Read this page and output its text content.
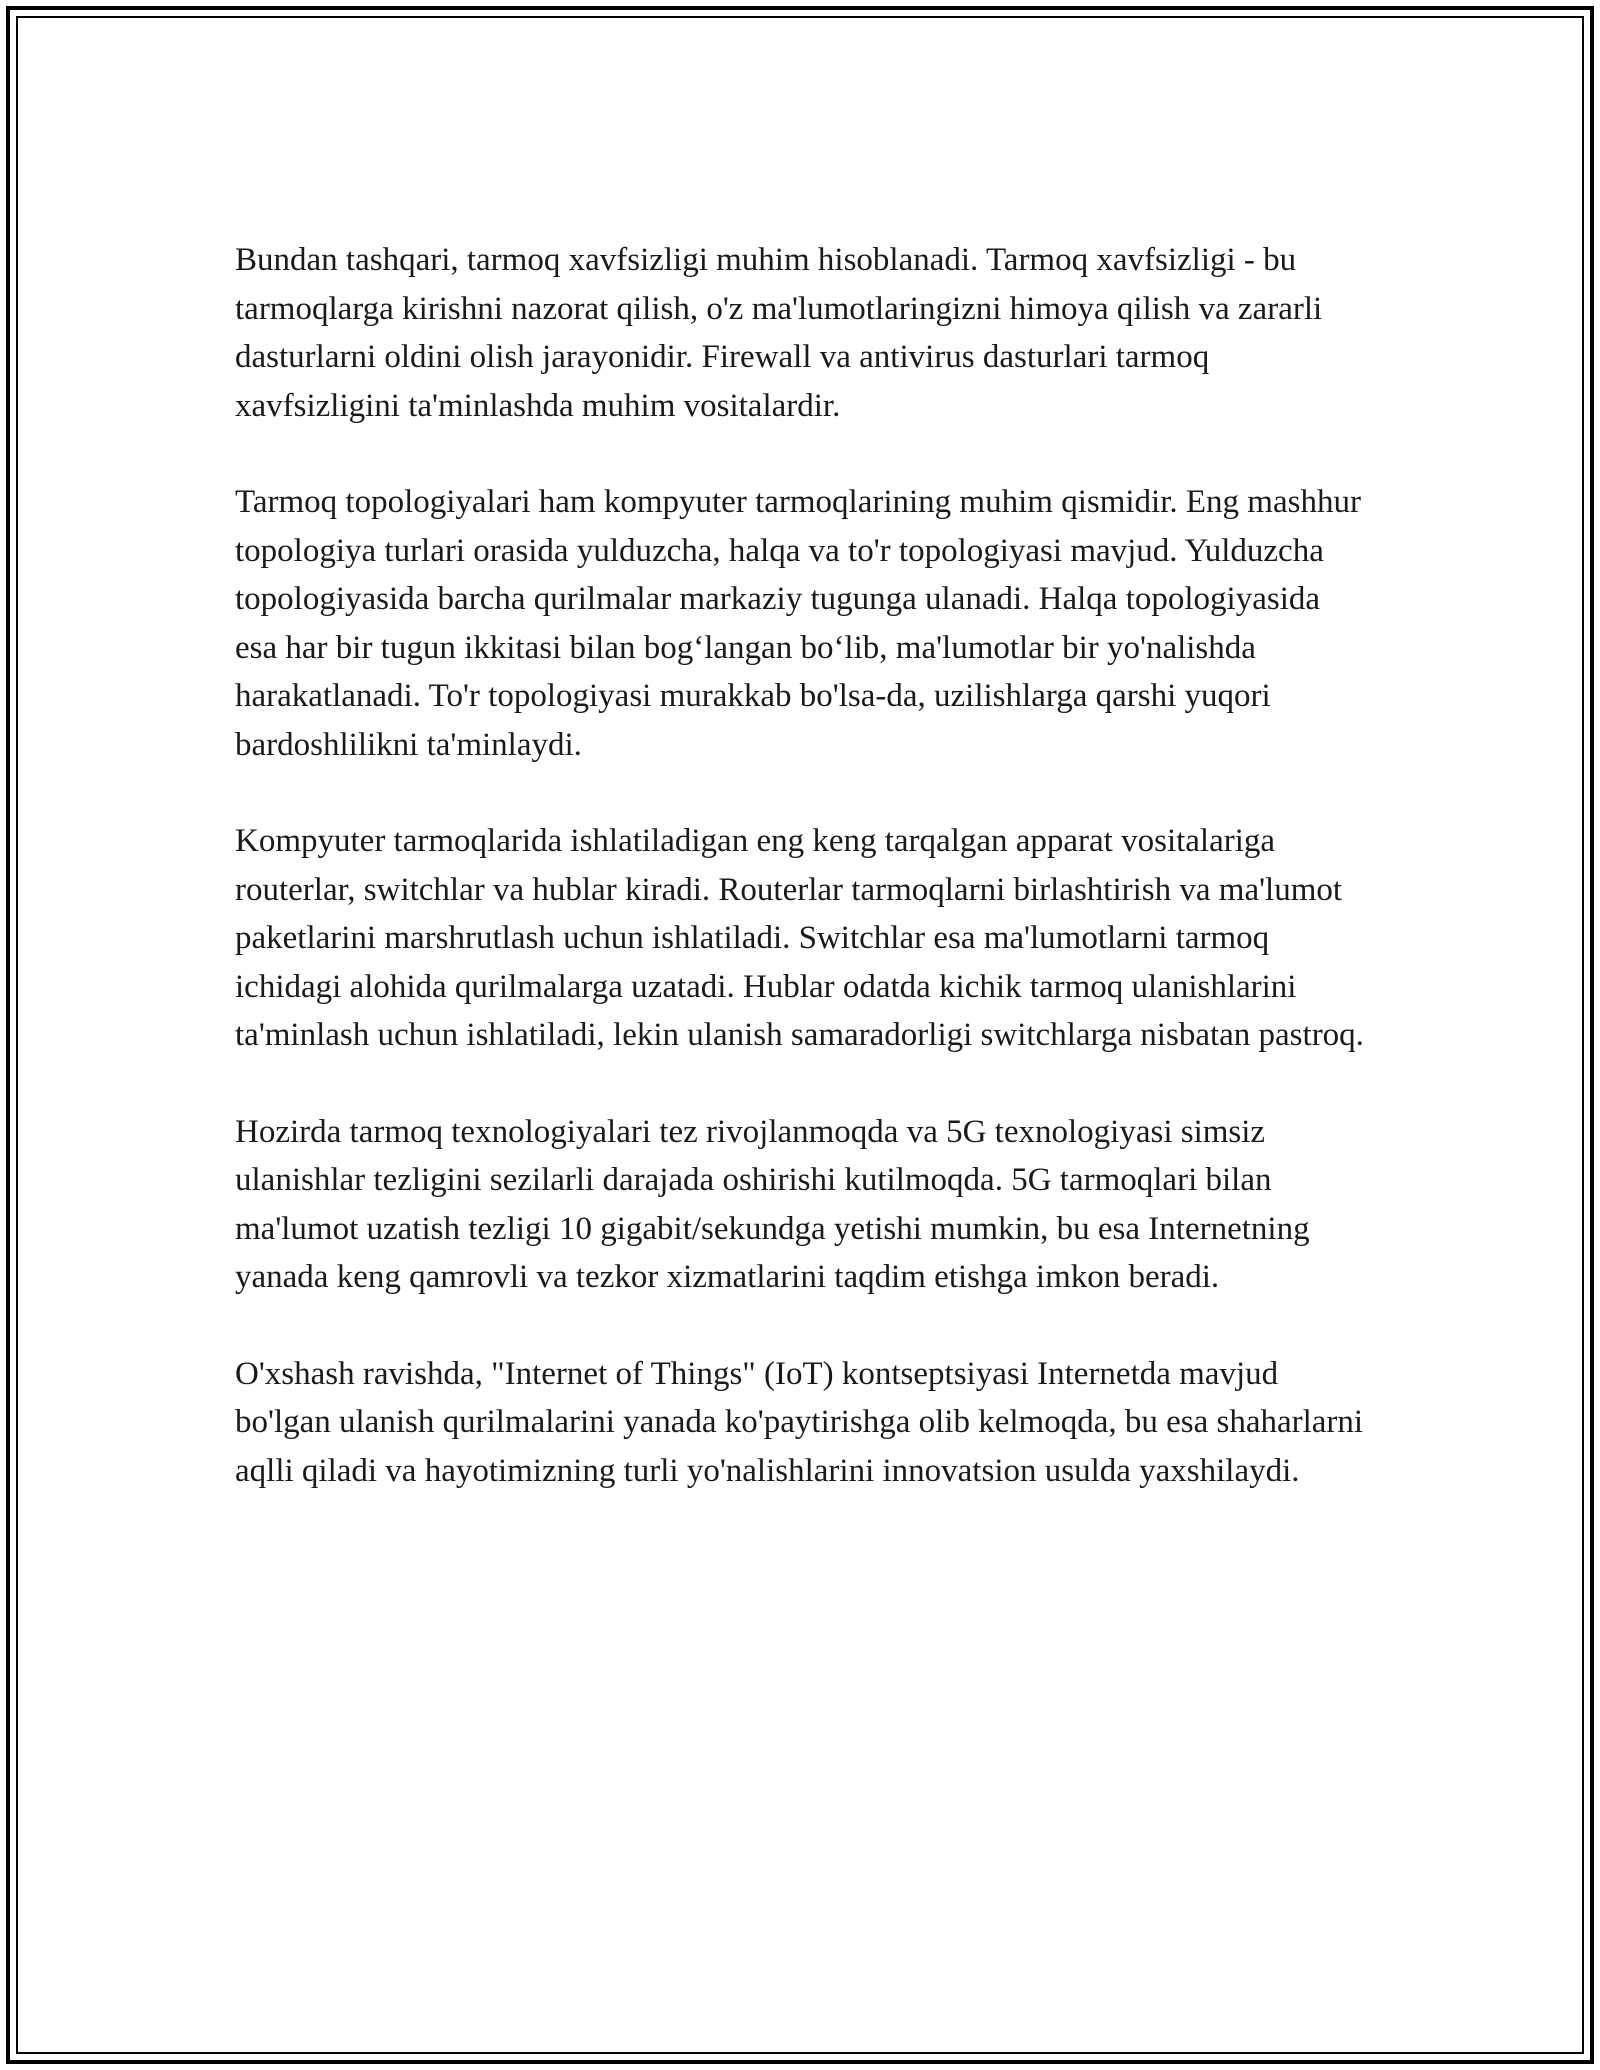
Bundan tashqari, tarmoq xavfsizligi muhim hisoblanadi. Tarmoq xavfsizligi - bu tarmoqlarga kirishni nazorat qilish, o'z ma'lumotlaringizni himoya qilish va zararli dasturlarni oldini olish jarayonidir. Firewall va antivirus dasturlari tarmoq xavfsizligini ta'minlashda muhim vositalardir.

Tarmoq topologiyalari ham kompyuter tarmoqlarining muhim qismidir. Eng mashhur topologiya turlari orasida yulduzcha, halqa va to'r topologiyasi mavjud. Yulduzcha topologiyasida barcha qurilmalar markaziy tugunga ulanadi. Halqa topologiyasida esa har bir tugun ikkitasi bilan bog‘langan bo‘lib, ma'lumotlar bir yo'nalishda harakatlanadi. To'r topologiyasi murakkab bo'lsa-da, uzilishlarga qarshi yuqori bardoshlilikni ta'minlaydi.

Kompyuter tarmoqlarida ishlatiladigan eng keng tarqalgan apparat vositalariga routerlar, switchlar va hublar kiradi. Routerlar tarmoqlarni birlashtirish va ma'lumot paketlarini marshrutlash uchun ishlatiladi. Switchlar esa ma'lumotlarni tarmoq ichidagi alohida qurilmalarga uzatadi. Hublar odatda kichik tarmoq ulanishlarini ta'minlash uchun ishlatiladi, lekin ulanish samaradorligi switchlarga nisbatan pastroq.

Hozirda tarmoq texnologiyalari tez rivojlanmoqda va 5G texnologiyasi simsiz ulanishlar tezligini sezilarli darajada oshirishi kutilmoqda. 5G tarmoqlari bilan ma'lumot uzatish tezligi 10 gigabit/sekundga yetishi mumkin, bu esa Internetning yanada keng qamrovli va tezkor xizmatlarini taqdim etishga imkon beradi.

O'xshash ravishda, "Internet of Things" (IoT) kontseptsiyasi Internetda mavjud bo'lgan ulanish qurilmalarini yanada ko'paytirishga olib kelmoqda, bu esa shaharlarni aqlli qiladi va hayotimizning turli yo'nalishlarini innovatsion usulda yaxshilaydi.
